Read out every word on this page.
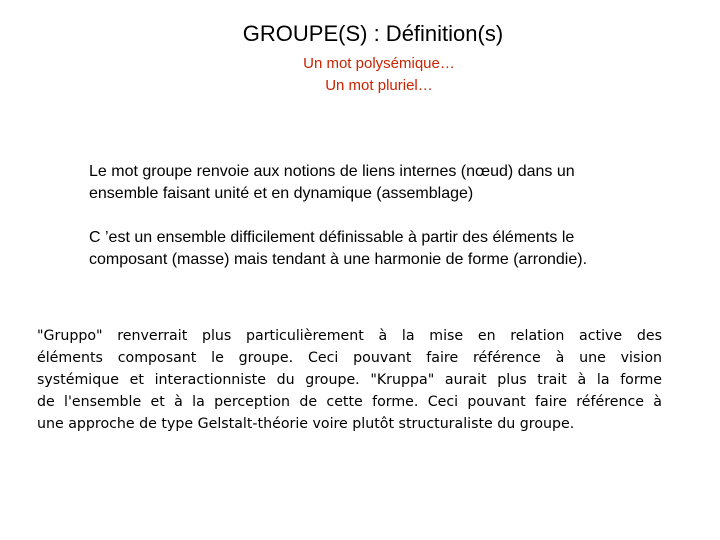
GROUPE(S) : Définition(s)
Un mot polysémique…
Un mot pluriel…
Le mot groupe renvoie aux notions de liens internes (nœud) dans un
ensemble faisant unité et en dynamique (assemblage)
C ’est un ensemble difficilement définissable à partir des éléments le
composant (masse) mais tendant à une harmonie de forme (arrondie).
"Gruppo" renverrait plus particulièrement à la mise en relation active des
éléments composant le groupe. Ceci pouvant faire référence à une vision
systémique et interactionniste du groupe. "Kruppa" aurait plus trait à la forme
de l'ensemble et à la perception de cette forme. Ceci pouvant faire référence à
une approche de type Gelstalt-théorie voire plutôt structuraliste du groupe.
